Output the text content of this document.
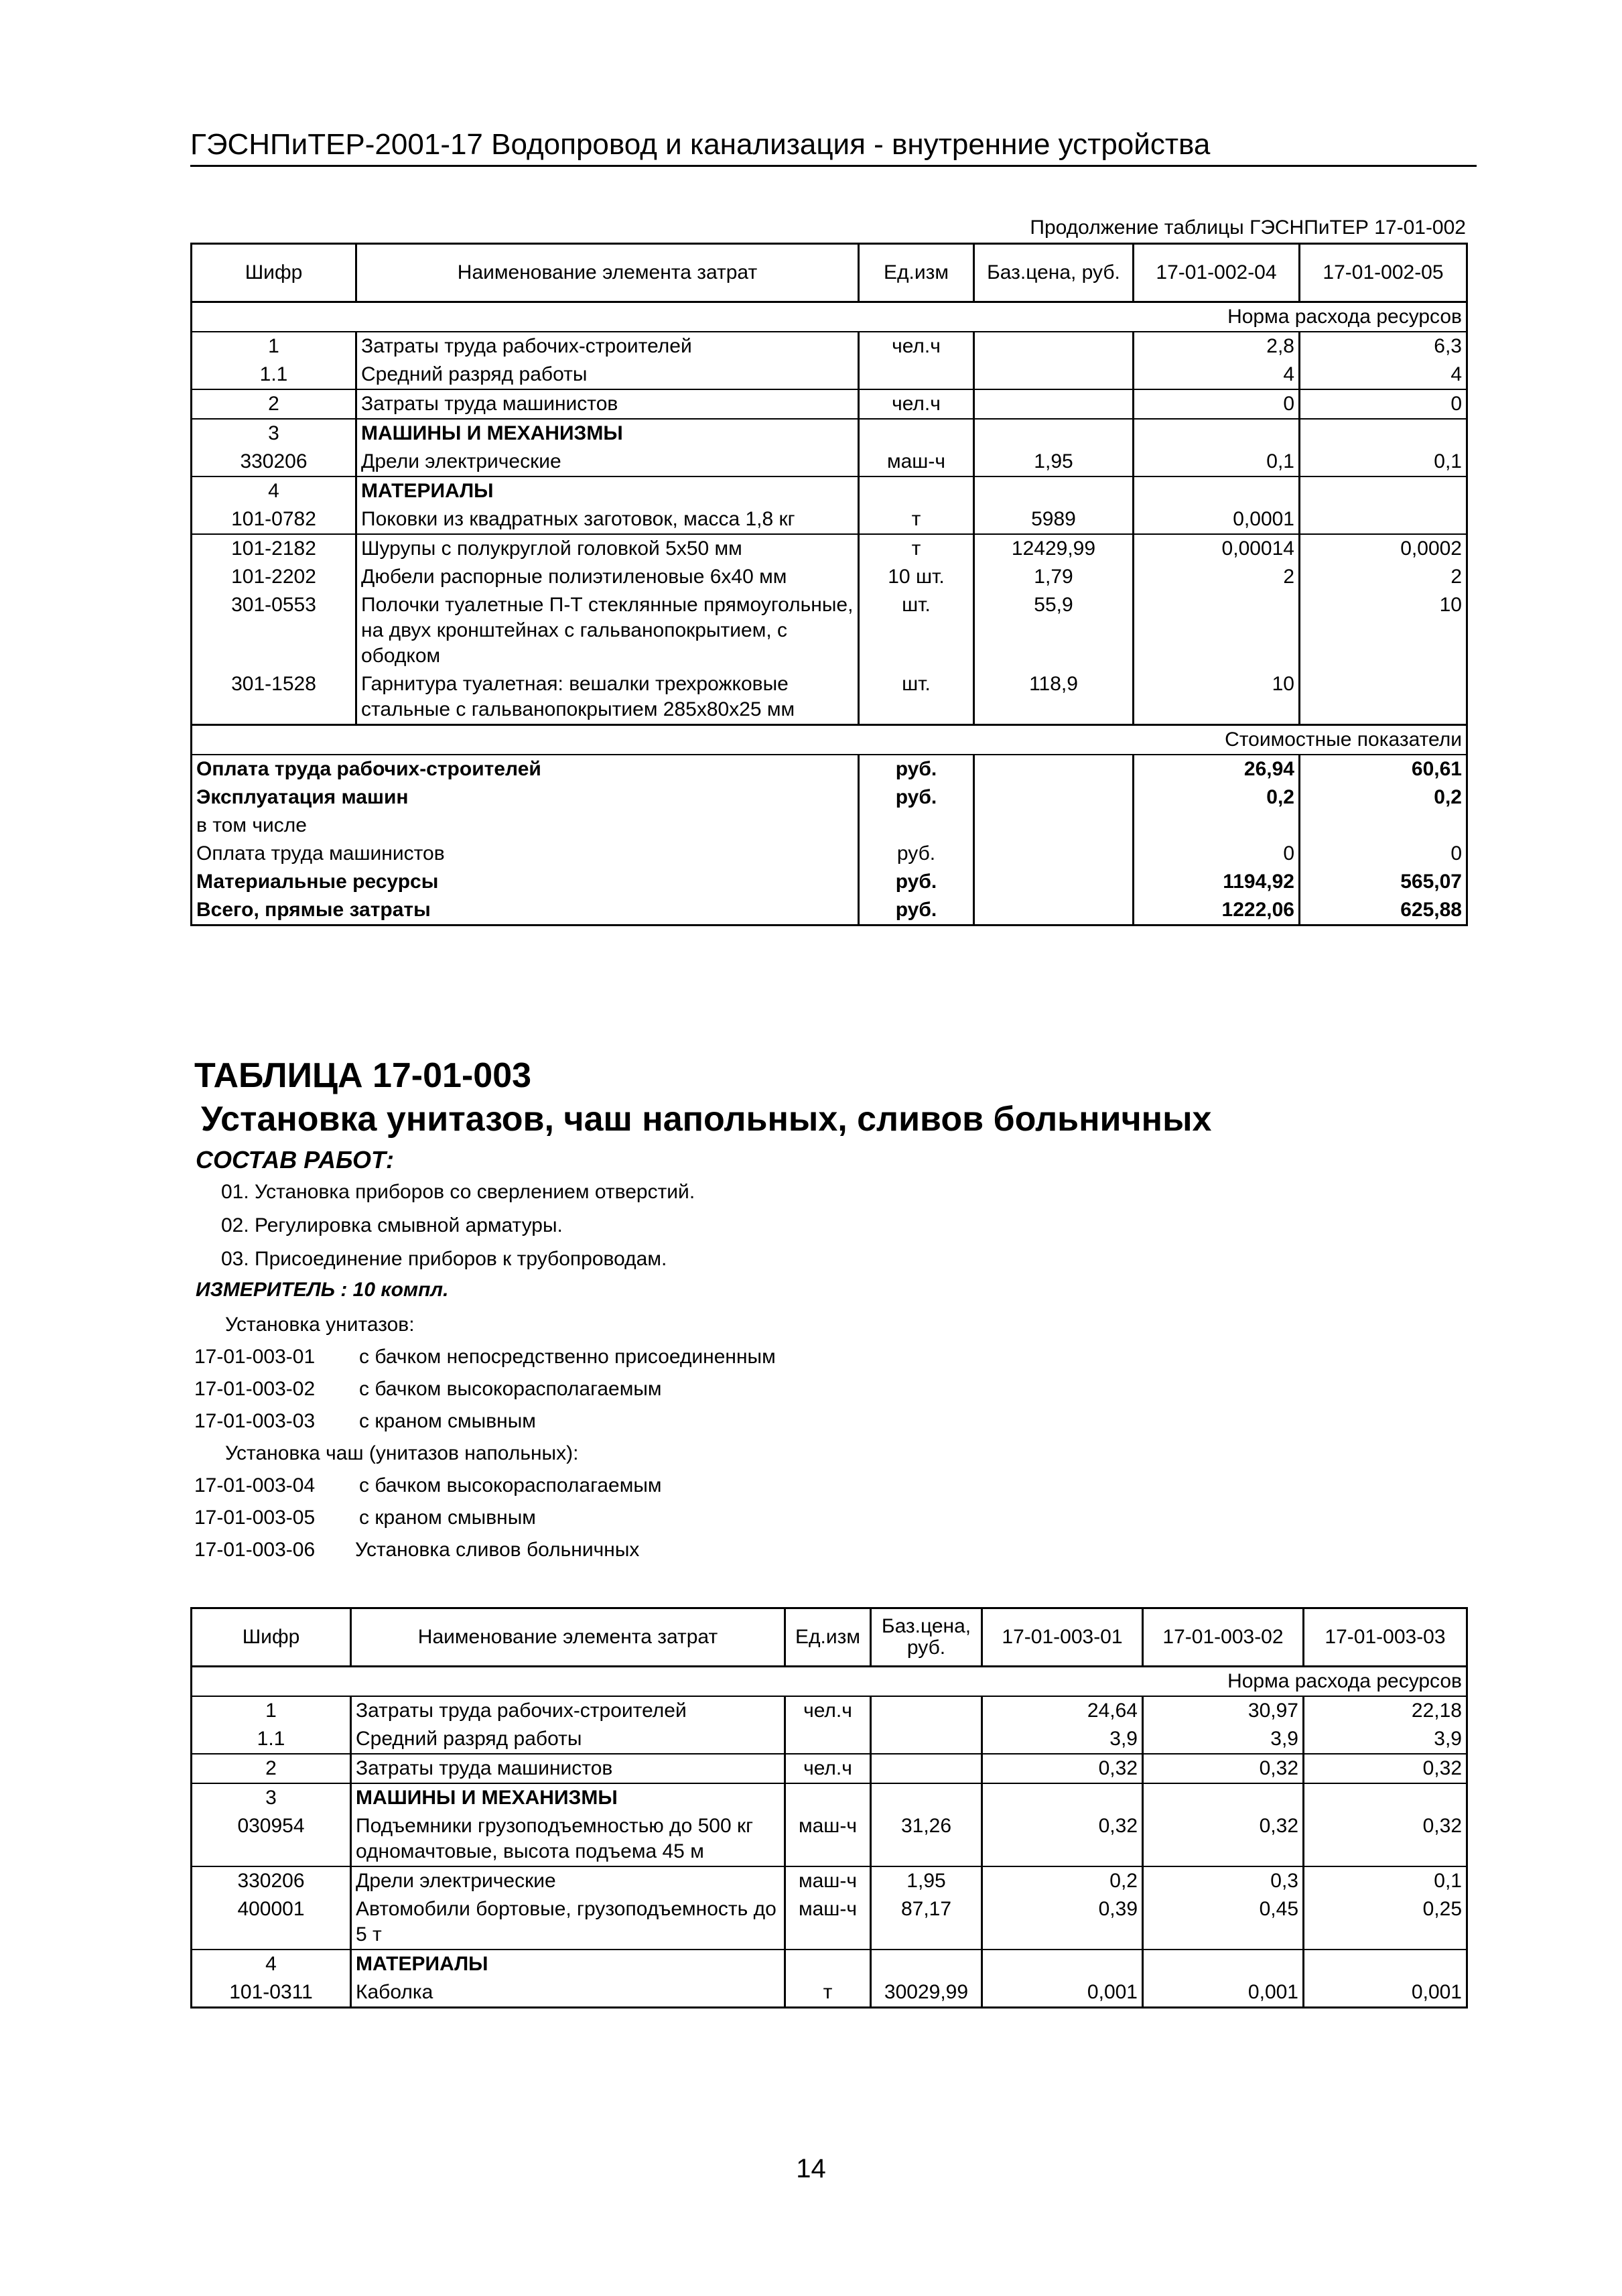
ГЭСНПиТЕР-2001-17 Водопровод и канализация - внутренние устройства
Продолжение таблицы ГЭСНПиТЕР 17-01-002
Шифр	Наименование элемента затрат	Ед.изм	Баз.цена, руб.	17-01-002-04	17-01-002-05
Норма расхода ресурсов					
1	Затраты труда рабочих-строителей	чел.ч		2,8	6,3
1.1	Средний разряд работы			4	4
2	Затраты труда машинистов	чел.ч		0	0
3	МАШИНЫ И МЕХАНИЗМЫ				
330206	Дрели электрические	маш-ч	1,95	0,1	0,1
4	МАТЕРИАЛЫ				
101-0782	Поковки из квадратных заготовок, масса 1,8 кг	т	5989	0,0001	
101-2182	Шурупы с полукруглой головкой 5х50 мм	т	12429,99	0,00014	0,0002
101-2202	Дюбели распорные полиэтиленовые 6х40 мм	10 шт.	1,79	2	2
301-0553	Полочки туалетные П-Т стеклянные прямоугольные, на двух кронштейнах с гальванопокрытием, с ободком	шт.	55,9		10
301-1528	Гарнитура туалетная: вешалки трехрожковые стальные с гальванопокрытием 285х80х25 мм	шт.	118,9	10	
Стоимостные показатели					
Оплата труда рабочих-строителей		руб.		26,94	60,61
Эксплуатация машин		руб.		0,2	0,2
в том числе					
Оплата труда машинистов		руб.		0	0
Материальные ресурсы		руб.		1194,92	565,07
Всего, прямые затраты		руб.		1222,06	625,88
ТАБЛИЦА 17-01-003
Установка унитазов, чаш напольных, сливов больничных
СОСТАВ РАБОТ:
01. Установка приборов со сверлением отверстий.
02. Регулировка смывной арматуры.
03. Присоединение приборов к трубопроводам.
ИЗМЕРИТЕЛЬ : 10 компл.
Установка унитазов:
17-01-003-01 с бачком непосредственно присоединенным
17-01-003-02 с бачком высокорасполагаемым
17-01-003-03 с краном смывным
Установка чаш (унитазов напольных):
17-01-003-04 с бачком высокорасполагаемым
17-01-003-05 с краном смывным
17-01-003-06 Установка сливов больничных
Шифр	Наименование элемента затрат	Ед.изм	Баз.цена, руб.	17-01-003-01	17-01-003-02	17-01-003-03
Норма расхода ресурсов						
1	Затраты труда рабочих-строителей	чел.ч		24,64	30,97	22,18
1.1	Средний разряд работы			3,9	3,9	3,9
2	Затраты труда машинистов	чел.ч		0,32	0,32	0,32
3	МАШИНЫ И МЕХАНИЗМЫ					
030954	Подъемники грузоподъемностью до 500 кг одномачтовые, высота подъема 45 м	маш-ч	31,26	0,32	0,32	0,32
330206	Дрели электрические	маш-ч	1,95	0,2	0,3	0,1
400001	Автомобили бортовые, грузоподъемность до 5 т	маш-ч	87,17	0,39	0,45	0,25
4	МАТЕРИАЛЫ					
101-0311	Каболка	т	30029,99	0,001	0,001	0,001
14
